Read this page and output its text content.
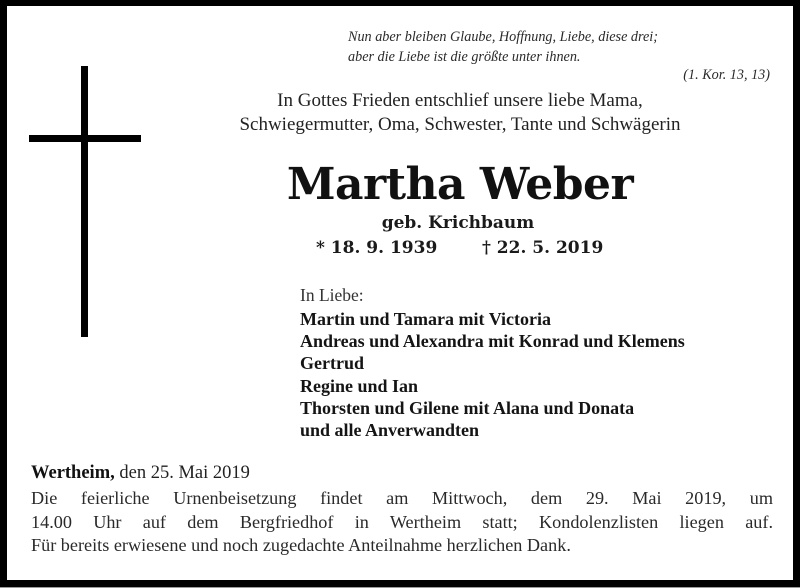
Nun aber bleiben Glaube, Hoffnung, Liebe, diese drei;
aber die Liebe ist die größte unter ihnen.
(1. Kor. 13, 13)
In Gottes Frieden entschlief unsere liebe Mama,
Schwiegermutter, Oma, Schwester, Tante und Schwägerin
Martha Weber
geb. Krichbaum
* 18. 9. 1939	† 22. 5. 2019
In Liebe:
Martin und Tamara mit Victoria
Andreas und Alexandra mit Konrad und Klemens
Gertrud
Regine und Ian
Thorsten und Gilene mit Alana und Donata
und alle Anverwandten
Wertheim, den 25. Mai 2019
Die feierliche Urnenbeisetzung findet am Mittwoch, dem 29. Mai 2019, um
14.00 Uhr auf dem Bergfriedhof in Wertheim statt; Kondolenzlisten liegen auf.
Für bereits erwiesene und noch zugedachte Anteilnahme herzlichen Dank.
